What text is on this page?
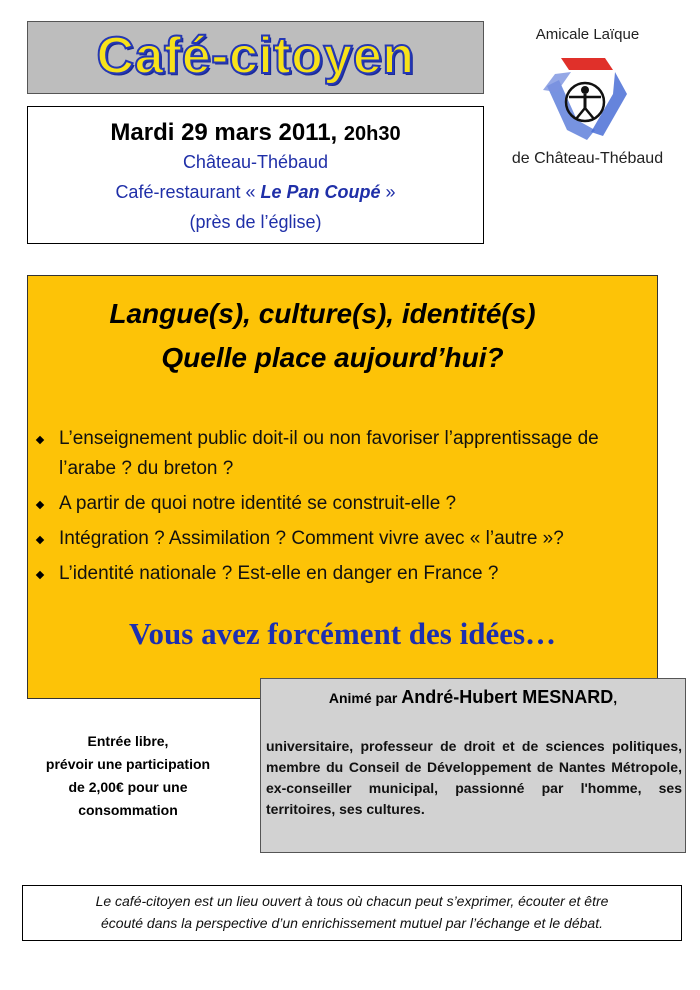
Café-citoyen
Mardi 29 mars 2011, 20h30
Château-Thébaud
Café-restaurant « Le Pan Coupé »
(près de l’église)
Amicale Laïque
de Château-Thébaud
Langue(s), culture(s), identité(s)
Quelle place aujourd’hui?
L’enseignement public doit-il ou non favoriser l’apprentissage de l’arabe ? du breton ?
A partir de quoi notre identité se construit-elle ?
Intégration ? Assimilation ? Comment vivre avec « l’autre »?
L’identité nationale ? Est-elle en danger en France ?
Vous avez forcément des idées…
Animé par André-Hubert MESNARD,
universitaire, professeur de droit et de sciences politiques, membre du Conseil de Développement de Nantes Métropole, ex-conseiller municipal, passionné par l'homme, ses territoires, ses cultures.
Entrée libre,
prévoir une participation
de 2,00€ pour une
consommation
Le café-citoyen est un lieu ouvert à tous où chacun peut s’exprimer, écouter et être
écouté dans la perspective d’un enrichissement mutuel par l’échange et le débat.
